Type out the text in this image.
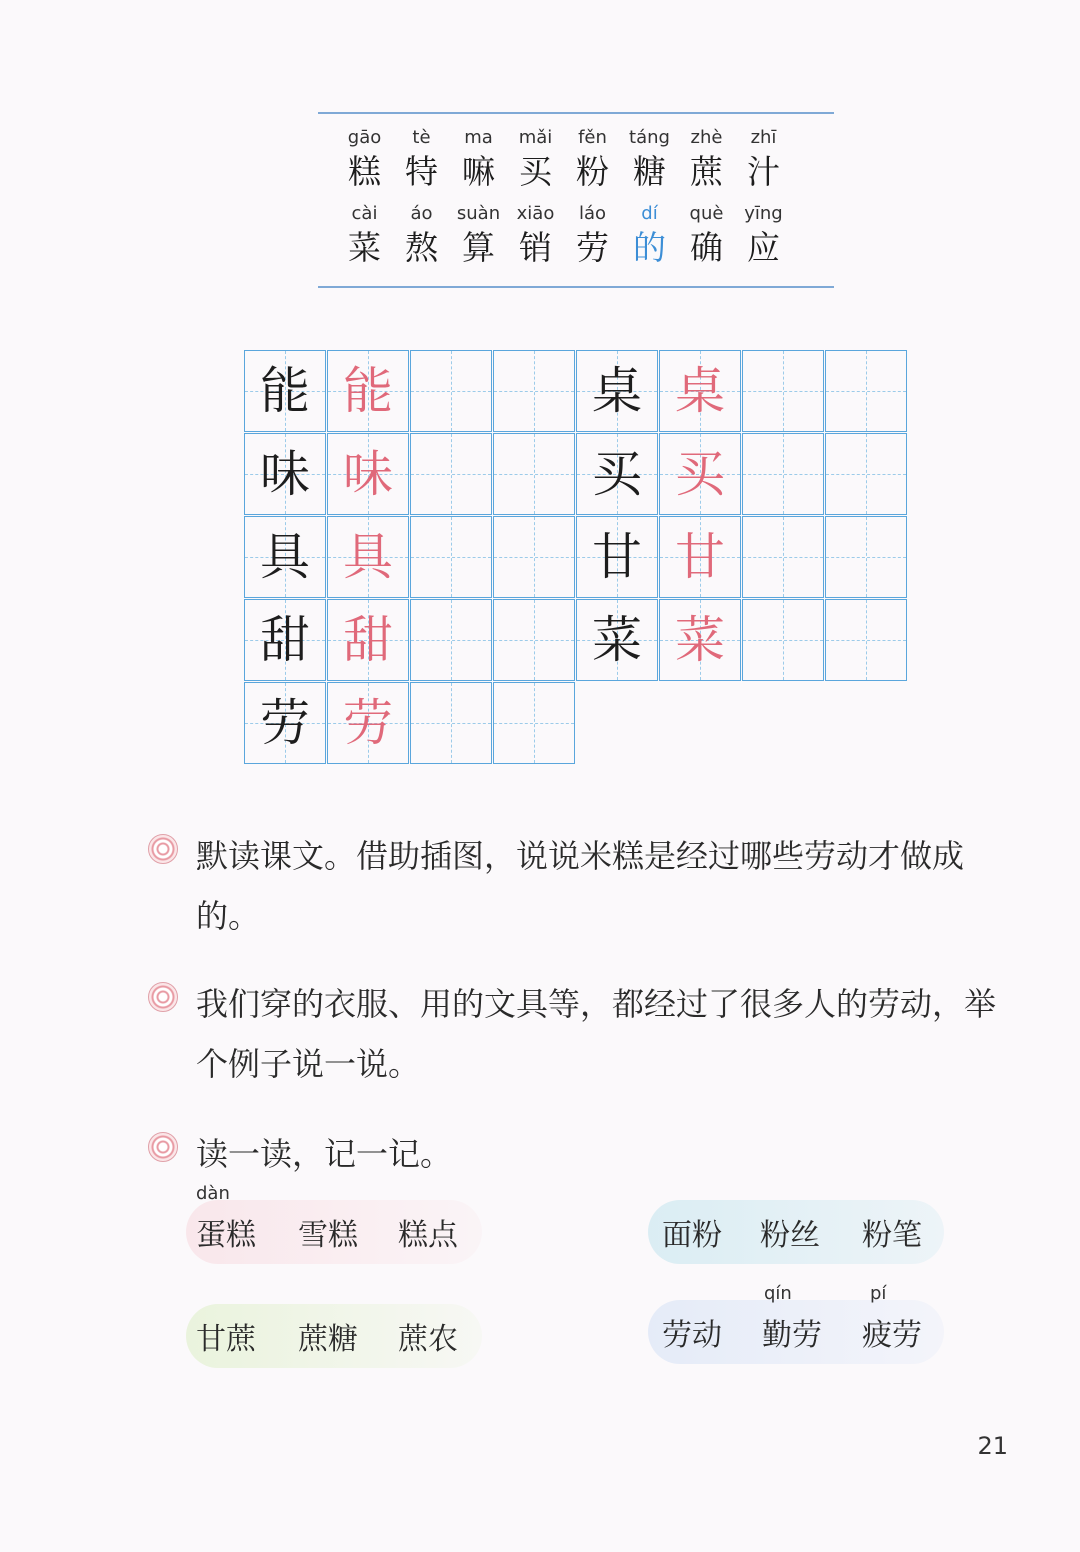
gāo
糕
tè
特
ma
嘛
mǎi
买
fěn
粉
táng
糖
zhè
蔗
zhī
汁
cài
菜
áo
熬
suàn
算
xiāo
销
láo
劳
dí
的
què
确
yīng
应
能 能
味 味
具 具
甜 甜
劳 劳
桌 桌
买 买
甘 甘
菜 菜
默读课文。借助插图，说说米糕是经过哪些劳动才做成的。
我们穿的衣服、用的文具等，都经过了很多人的劳动，举个例子说一说。
读一读，记一记。
dàn
蛋糕 雪糕 糕点
甘蔗 蔗糖 蔗农
面粉 粉丝 粉笔
qín	pí
劳动 勤劳 疲劳
21
